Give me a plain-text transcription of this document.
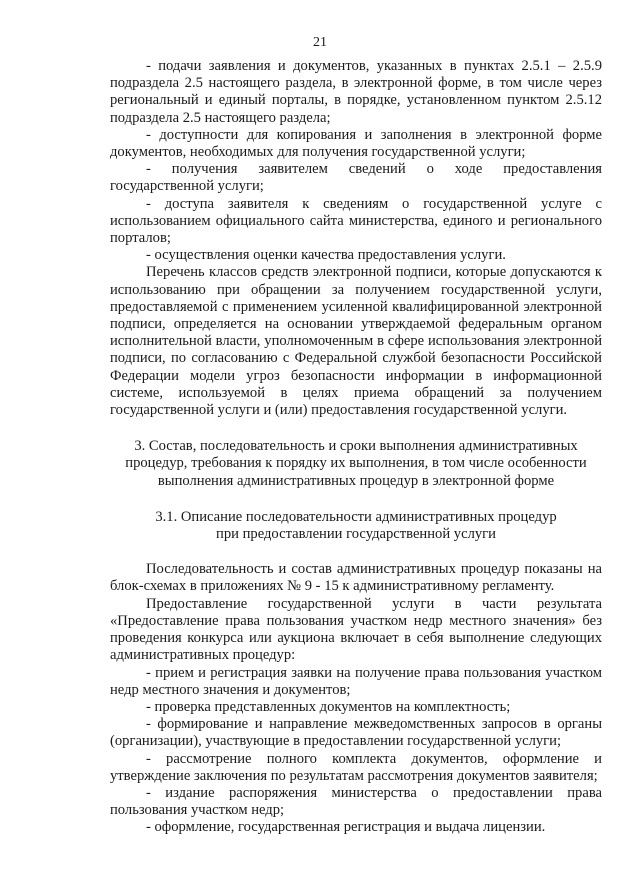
21

- подачи заявления и документов, указанных в пунктах 2.5.1 – 2.5.9 подраздела 2.5 настоящего раздела, в электронной форме, в том числе через региональный и единый порталы, в порядке, установленном пунктом 2.5.12 подраздела 2.5 настоящего раздела;

- доступности для копирования и заполнения в электронной форме документов, необходимых для получения государственной услуги;

- получения заявителем сведений о ходе предоставления государственной услуги;

- доступа заявителя к сведениям о государственной услуге с использованием официального сайта министерства, единого и регионального порталов;

- осуществления оценки качества предоставления услуги.

Перечень классов средств электронной подписи, которые допускаются к использованию при обращении за получением государственной услуги, предоставляемой с применением усиленной квалифицированной электронной подписи, определяется на основании утверждаемой федеральным органом исполнительной власти, уполномоченным в сфере использования электронной подписи, по согласованию с Федеральной службой безопасности Российской Федерации модели угроз безопасности информации в информационной системе, используемой в целях приема обращений за получением государственной услуги и (или) предоставления государственной услуги.

3. Состав, последовательность и сроки выполнения административных
процедур, требования к порядку их выполнения, в том числе особенности
выполнения административных процедур в электронной форме
3.1. Описание последовательности административных процедур
при предоставлении государственной услуги

Последовательность и состав административных процедур показаны на блок-схемах в приложениях № 9 - 15 к административному регламенту.

Предоставление государственной услуги в части результата «Предоставление права пользования участком недр местного значения» без проведения конкурса или аукциона включает в себя выполнение следующих административных процедур:

- прием и регистрация заявки на получение права пользования участком недр местного значения и документов;

- проверка представленных документов на комплектность;

- формирование и направление межведомственных запросов в органы (организации), участвующие в предоставлении государственной услуги;

- рассмотрение полного комплекта документов, оформление и утверждение заключения по результатам рассмотрения документов заявителя;

- издание распоряжения министерства о предоставлении права пользования участком недр;

- оформление, государственная регистрация и выдача лицензии.
